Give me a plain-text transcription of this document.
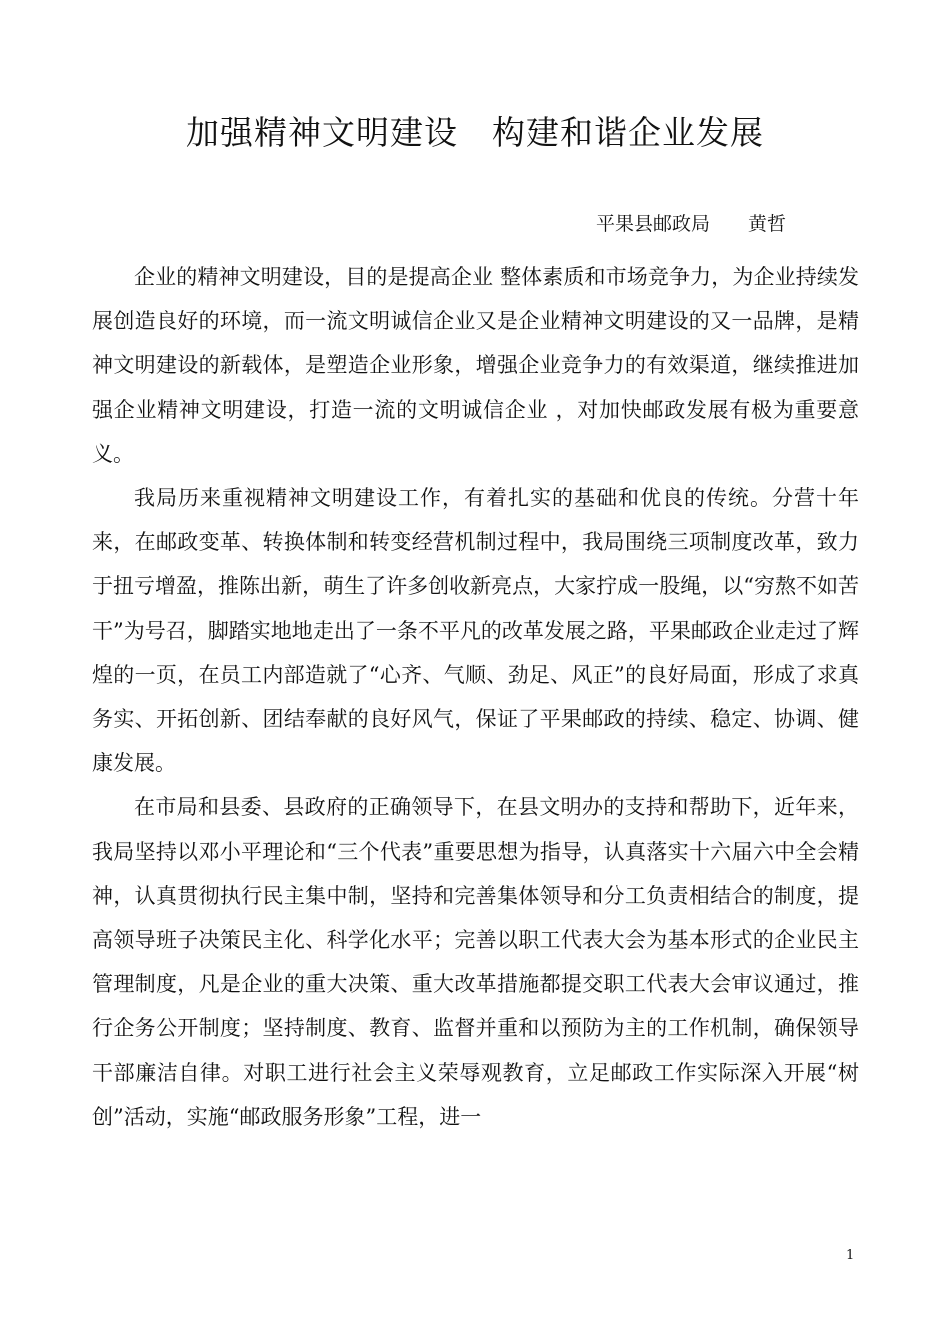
加强精神文明建设　构建和谐企业发展
平果县邮政局　　黄哲

企业的精神文明建设，目的是提高企业 整体素质和市场竞争力，为企业持续发展创造良好的环境，而一流文明诚信企业又是企业精神文明建设的又一品牌，是精神文明建设的新载体，是塑造企业形象，增强企业竞争力的有效渠道，继续推进加强企业精神文明建设，打造一流的文明诚信企业 ，对加快邮政发展有极为重要意义。

我局历来重视精神文明建设工作，有着扎实的基础和优良的传统。分营十年来，在邮政变革、转换体制和转变经营机制过程中，我局围绕三项制度改革，致力于扭亏增盈，推陈出新，萌生了许多创收新亮点，大家拧成一股绳，以“穷熬不如苦干”为号召，脚踏实地地走出了一条不平凡的改革发展之路，平果邮政企业走过了辉煌的一页，在员工内部造就了“心齐、气顺、劲足、风正”的良好局面，形成了求真务实、开拓创新、团结奉献的良好风气，保证了平果邮政的持续、稳定、协调、健康发展。

在市局和县委、县政府的正确领导下，在县文明办的支持和帮助下，近年来，我局坚持以邓小平理论和“三个代表”重要思想为指导，认真落实十六届六中全会精神，认真贯彻执行民主集中制，坚持和完善集体领导和分工负责相结合的制度，提高领导班子决策民主化、科学化水平；完善以职工代表大会为基本形式的企业民主管理制度，凡是企业的重大决策、重大改革措施都提交职工代表大会审议通过，推行企务公开制度；坚持制度、教育、监督并重和以预防为主的工作机制，确保领导干部廉洁自律。对职工进行社会主义荣辱观教育，立足邮政工作实际深入开展“树创”活动，实施“邮政服务形象”工程，进一

1
